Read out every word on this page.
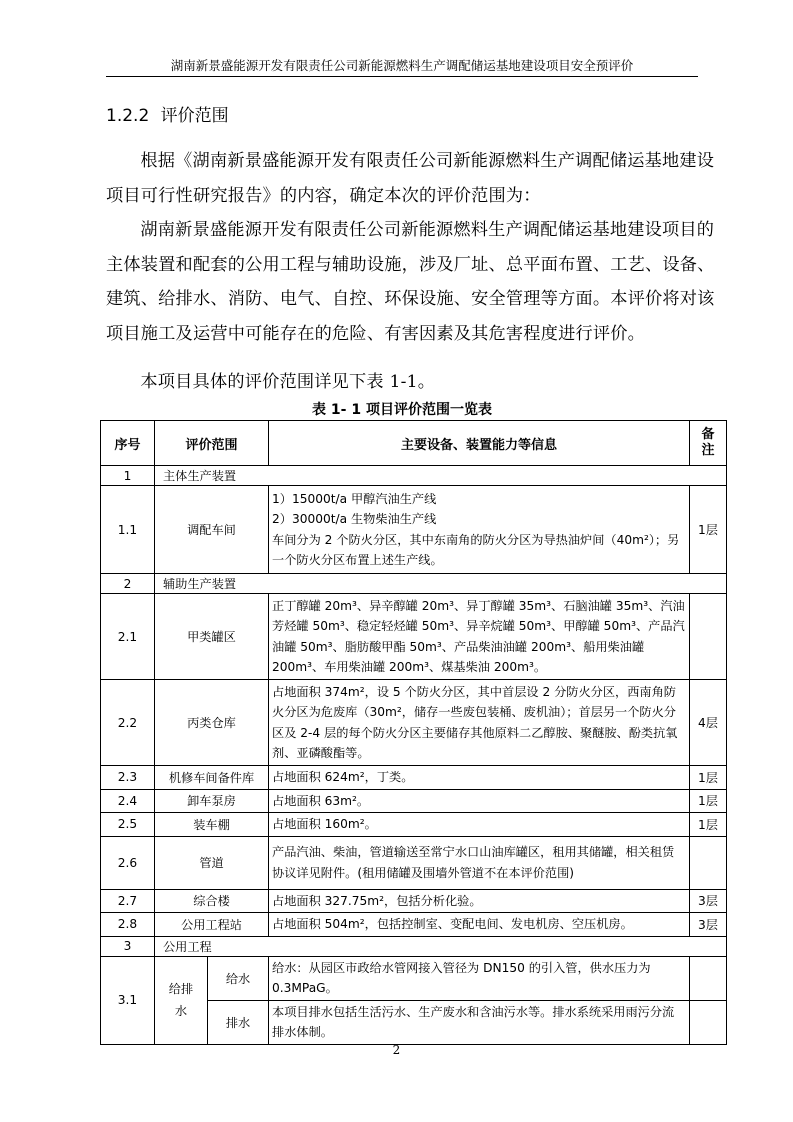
湖南新景盛能源开发有限责任公司新能源燃料生产调配储运基地建设项目安全预评价
1.2.2 评价范围

根据《湖南新景盛能源开发有限责任公司新能源燃料生产调配储运基地建设项目可行性研究报告》的内容，确定本次的评价范围为：

湖南新景盛能源开发有限责任公司新能源燃料生产调配储运基地建设项目的主体装置和配套的公用工程与辅助设施，涉及厂址、总平面布置、工艺、设备、建筑、给排水、消防、电气、自控、环保设施、安全管理等方面。本评价将对该项目施工及运营中可能存在的危险、有害因素及其危害程度进行评价。

本项目具体的评价范围详见下表 1-1。

表 1- 1 项目评价范围一览表
序号	评价范围		主要设备、装置能力等信息	备注
1	主体生产装置			
1.1	调配车间		1）15000t/a 甲醇汽油生产线
2）30000t/a 生物柴油生产线
车间分为 2 个防火分区，其中东南角的防火分区为导热油炉间（40m²）；另一个防火分区布置上述生产线。	1层
2	辅助生产装置			
2.1	甲类罐区		正丁醇罐 20m³、异辛醇罐 20m³、异丁醇罐 35m³、石脑油罐 35m³、汽油芳烃罐 50m³、稳定轻烃罐 50m³、异辛烷罐 50m³、甲醇罐 50m³、产品汽油罐 50m³、脂肪酸甲酯 50m³、产品柴油油罐 200m³、船用柴油罐 200m³、车用柴油罐 200m³、煤基柴油 200m³。	
2.2	丙类仓库		占地面积 374m²，设 5 个防火分区，其中首层设 2 分防火分区，西南角防火分区为危废库（30m²，储存一些废包装桶、废机油）；首层另一个防火分区及 2-4 层的每个防火分区主要储存其他原料二乙醇胺、聚醚胺、酚类抗氧剂、亚磷酸酯等。	4层
2.3	机修车间备件库		占地面积 624m²，丁类。	1层
2.4	卸车泵房		占地面积 63m²。	1层
2.5	装车棚		占地面积 160m²。	1层
2.6	管道		产品汽油、柴油，管道输送至常宁水口山油库罐区，租用其储罐，相关租赁协议详见附件。(租用储罐及围墙外管道不在本评价范围)	
2.7	综合楼		占地面积 327.75m²，包括分析化验。	3层
2.8	公用工程站		占地面积 504m²，包括控制室、变配电间、发电机房、空压机房。	3层
3	公用工程			
3.1	给排水	给水	给水：从园区市政给水管网接入管径为 DN150 的引入管，供水压力为 0.3MPaG。	
		排水	本项目排水包括生活污水、生产废水和含油污水等。排水系统采用雨污分流排水体制。	
2
